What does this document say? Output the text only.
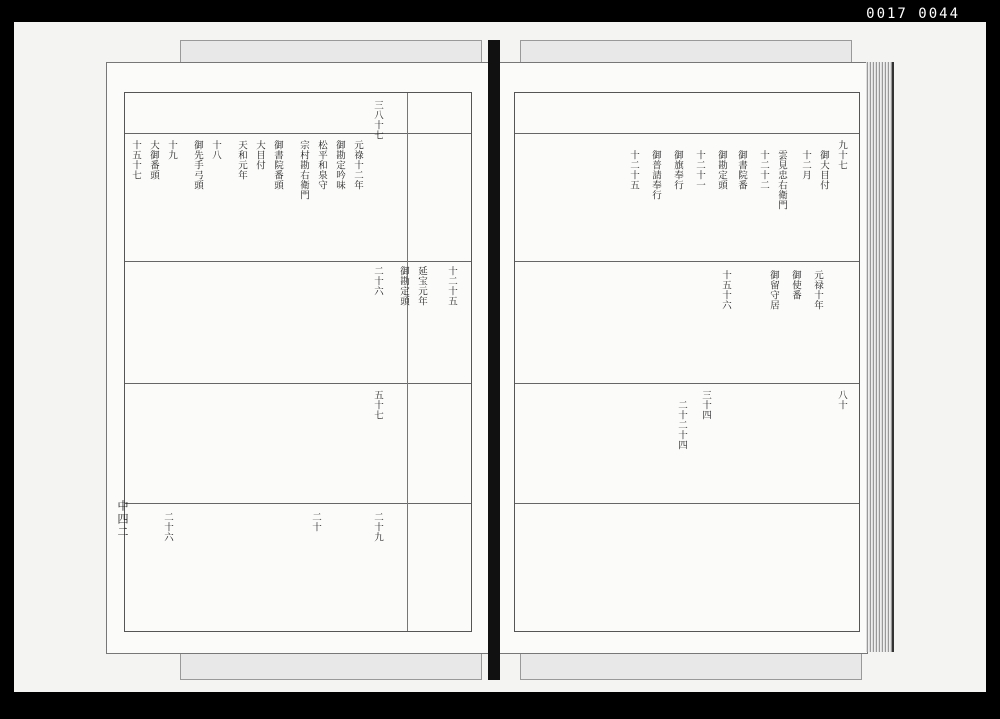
0017 0044
中四二
三八十七
元祿十二年
御勘定吟味
松平和泉守
宗村勘右衛門
御書院番頭
大目付
天和元年
十八
御先手弓頭
十九
大御番頭
十五十七
延宝元年 十二十五
御勘定頭
二十六
五十七
二十九
二十
二十六
九十七
御大目付
十二月
雲見忠右衛門
十二十二
御書院番
御勘定頭
十二十一
御旗奉行
御普請奉行
十二十五
八十
元禄十年
御使番
御留守居
十五十六
三十四
二十二十四
